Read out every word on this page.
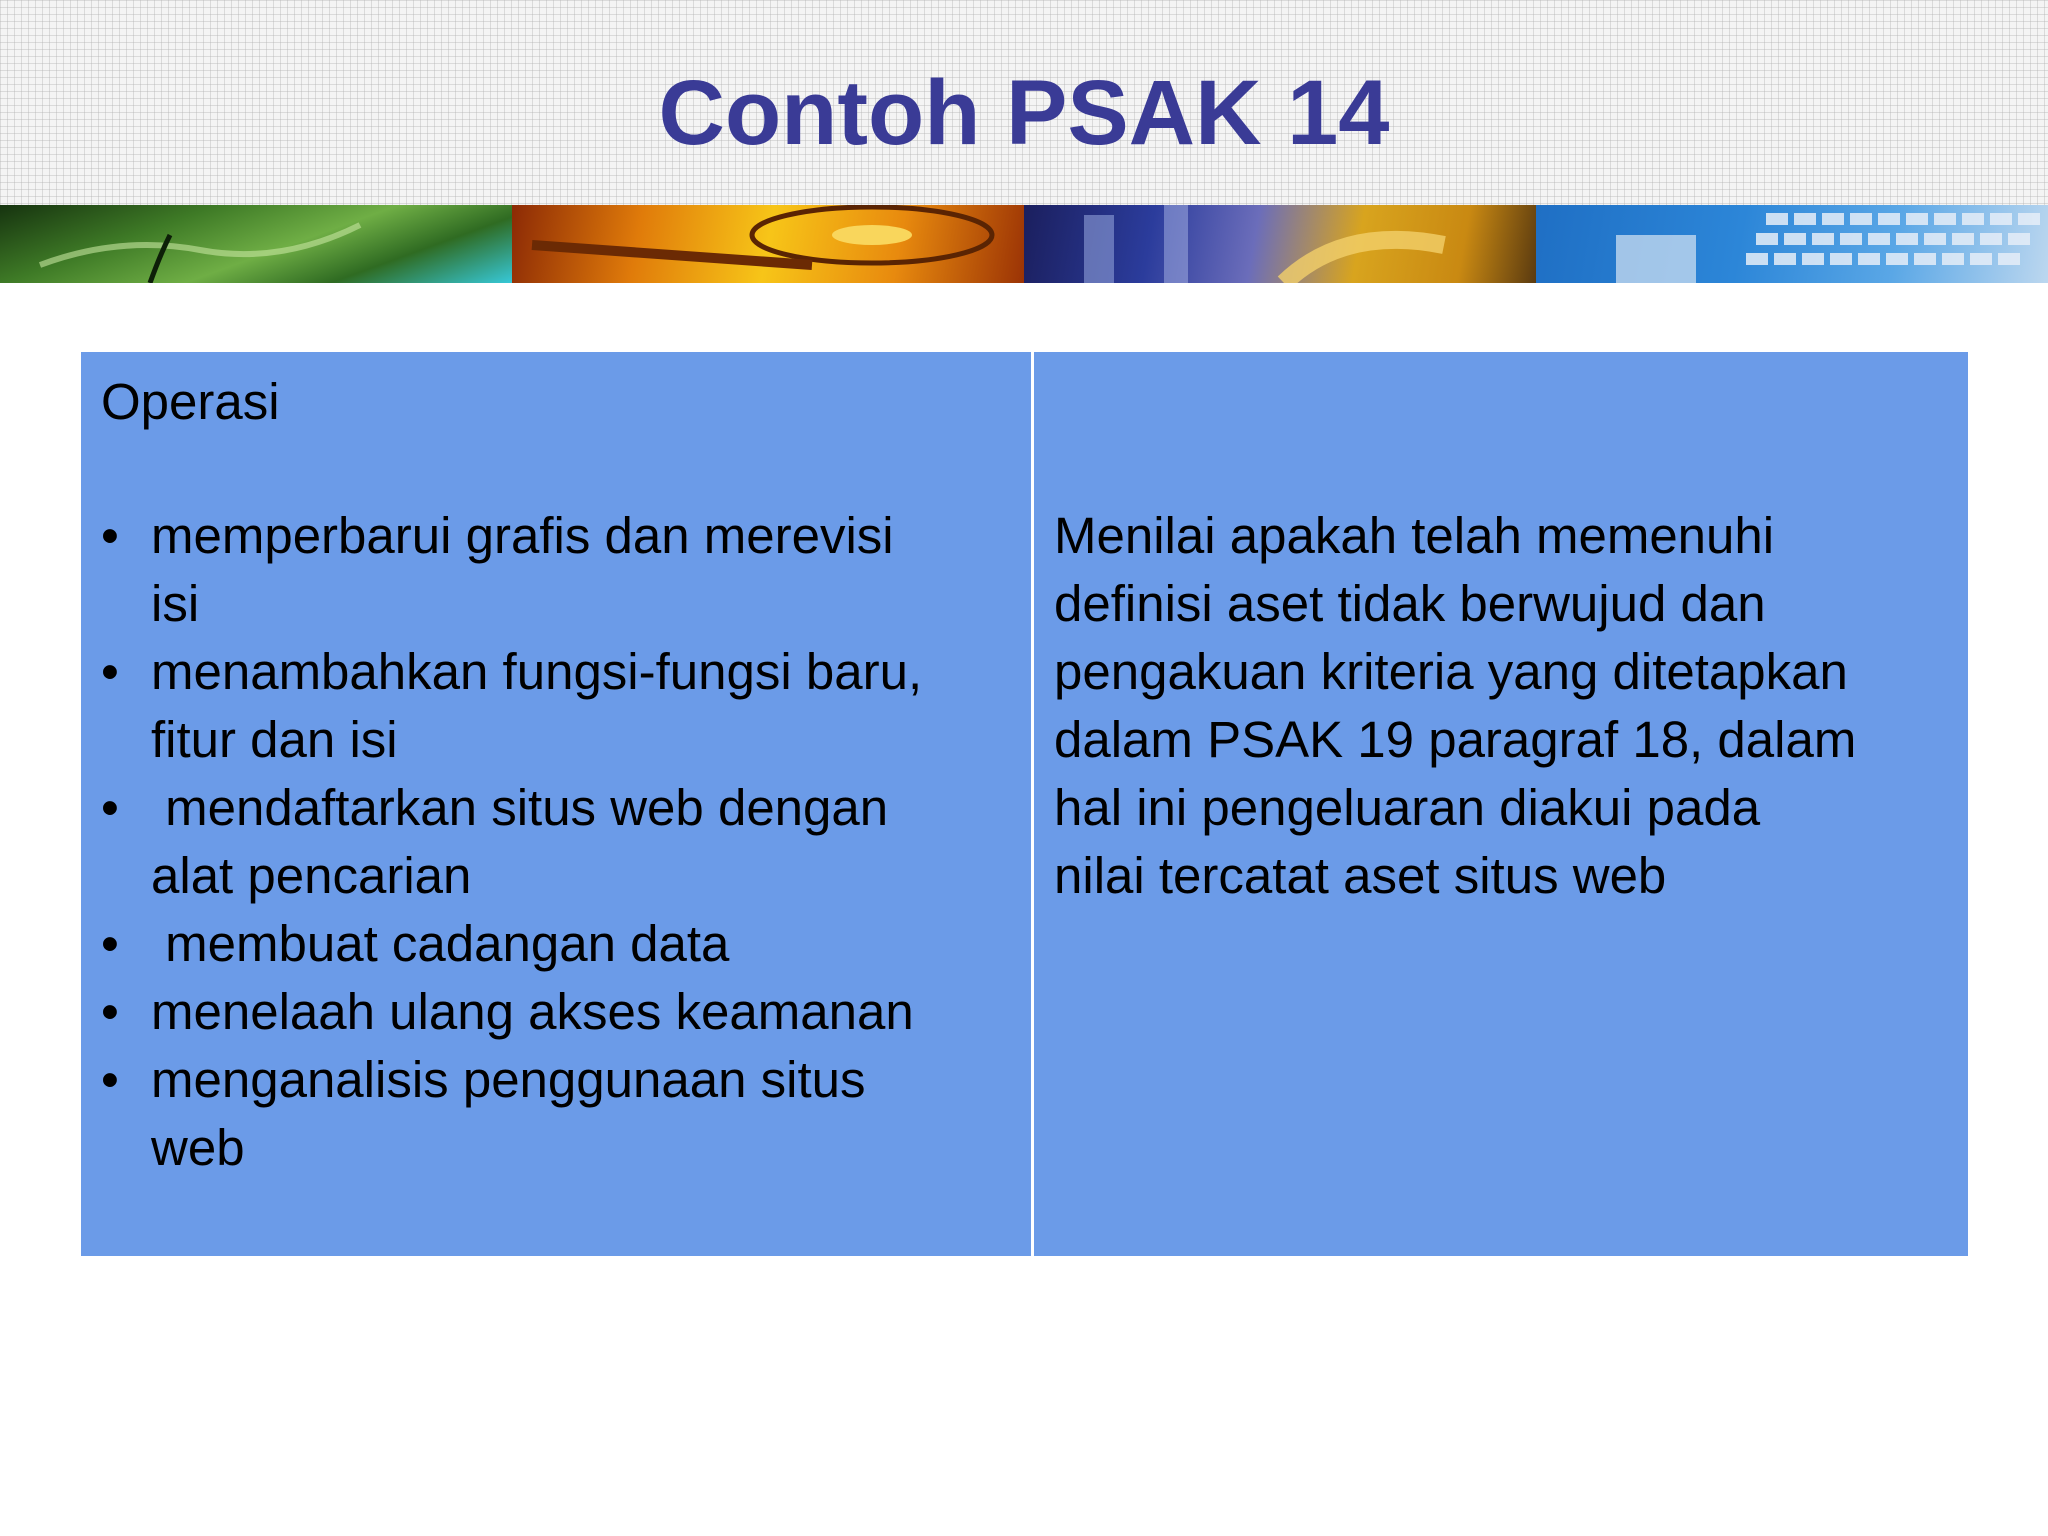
Contoh PSAK 14
Operasi
• memperbarui grafis dan merevisi
isi
• menambahkan fungsi-fungsi baru,
fitur dan isi
• mendaftarkan situs web dengan
alat pencarian
• membuat cadangan data
• menelaah ulang akses keamanan
• menganalisis penggunaan situs
web
Menilai apakah telah memenuhi
definisi aset tidak berwujud dan
pengakuan kriteria yang ditetapkan
dalam PSAK 19 paragraf 18, dalam
hal ini pengeluaran diakui pada
nilai tercatat aset situs web
